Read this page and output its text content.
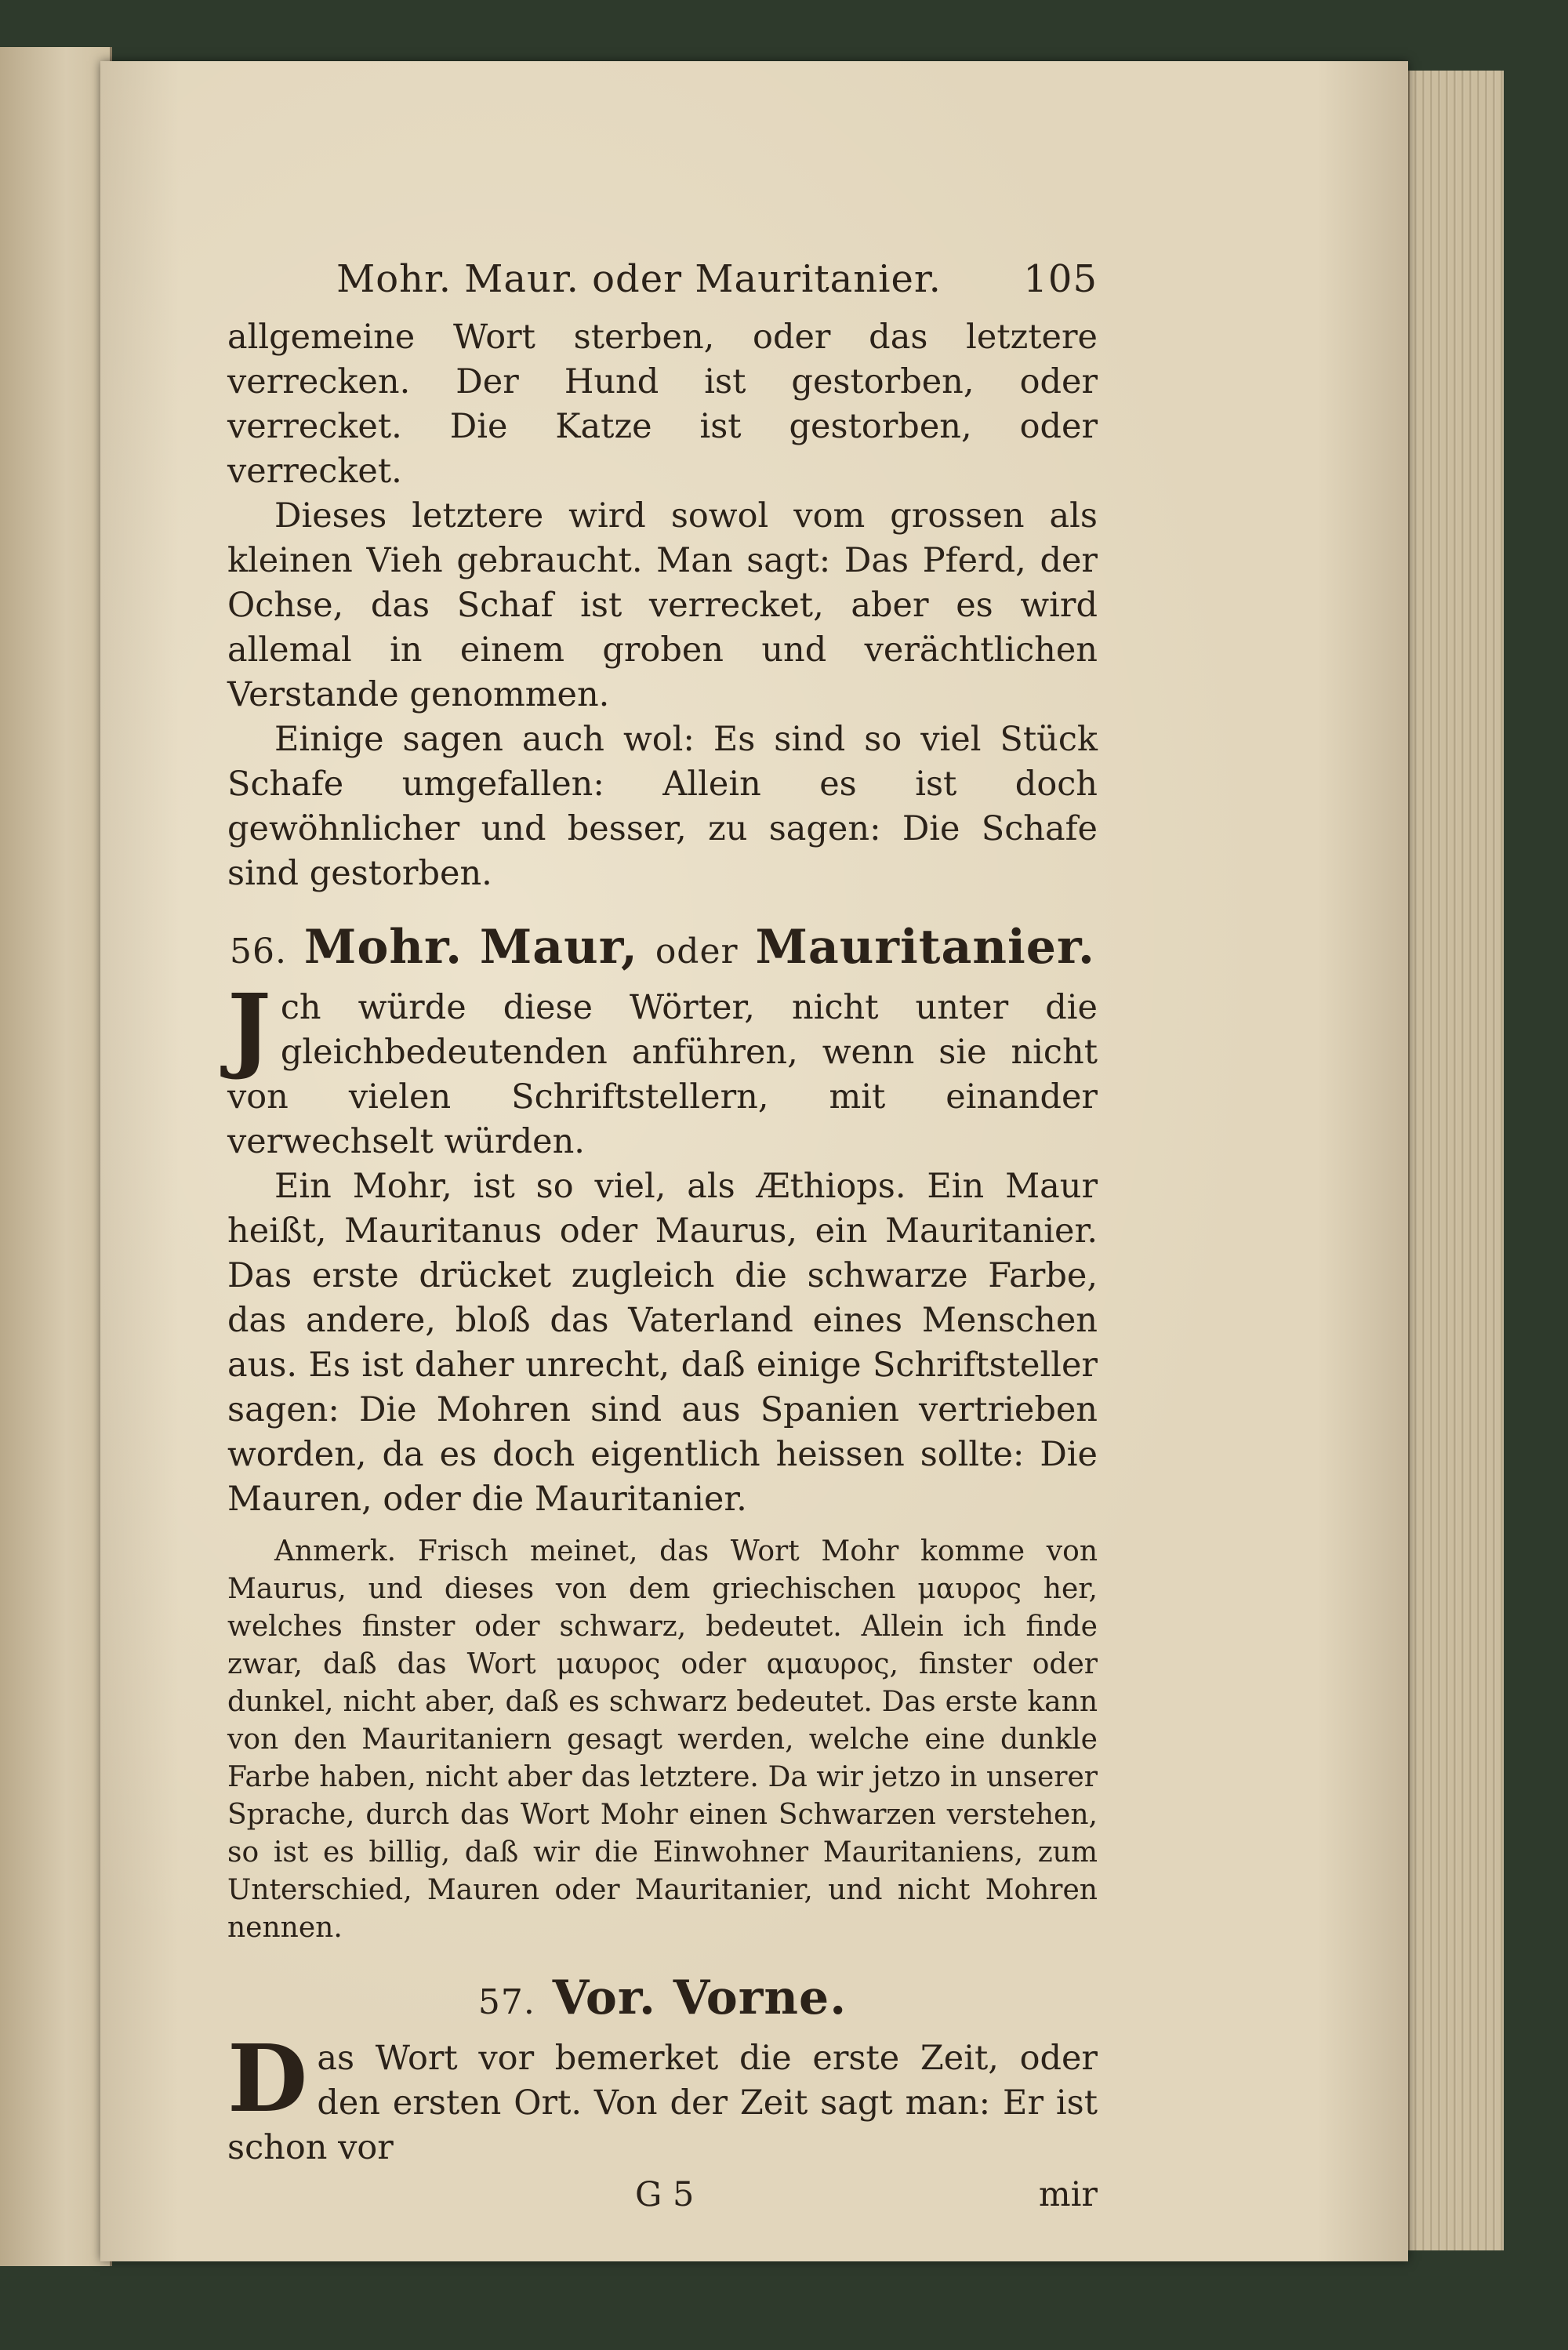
Mohr. Maur. oder Mauritanier.	105

allgemeine Wort sterben, oder das letztere verrecken. Der Hund ist gestorben, oder verrecket. Die Katze ist gestorben, oder verrecket.

Dieses letztere wird sowol vom grossen als kleinen Vieh gebraucht. Man sagt: Das Pferd, der Ochse, das Schaf ist verrecket, aber es wird allemal in einem groben und verächtlichen Verstande genommen.

Einige sagen auch wol: Es sind so viel Stück Schafe umgefallen: Allein es ist doch gewöhnlicher und besser, zu sagen: Die Schafe sind gestorben.

56. Mohr. Maur, oder Mauritanier.

Jch würde diese Wörter, nicht unter die gleichbedeutenden anführen, wenn sie nicht von vielen Schriftstellern, mit einander verwechselt würden.

Ein Mohr, ist so viel, als Æthiops. Ein Maur heißt, Mauritanus oder Maurus, ein Mauritanier. Das erste drücket zugleich die schwarze Farbe, das andere, bloß das Vaterland eines Menschen aus. Es ist daher unrecht, daß einige Schriftsteller sagen: Die Mohren sind aus Spanien vertrieben worden, da es doch eigentlich heissen sollte: Die Mauren, oder die Mauritanier.

Anmerk. Frisch meinet, das Wort Mohr komme von Maurus, und dieses von dem griechischen μαυρος her, welches finster oder schwarz, bedeutet. Allein ich finde zwar, daß das Wort μαυρος oder αμαυρος, finster oder dunkel, nicht aber, daß es schwarz bedeutet. Das erste kann von den Mauritaniern gesagt werden, welche eine dunkle Farbe haben, nicht aber das letztere. Da wir jetzo in unserer Sprache, durch das Wort Mohr einen Schwarzen verstehen, so ist es billig, daß wir die Einwohner Mauritaniens, zum Unterschied, Mauren oder Mauritanier, und nicht Mohren nennen.

57. Vor. Vorne.

Das Wort vor bemerket die erste Zeit, oder den ersten Ort. Von der Zeit sagt man: Er ist schon vor

G 5	mir
